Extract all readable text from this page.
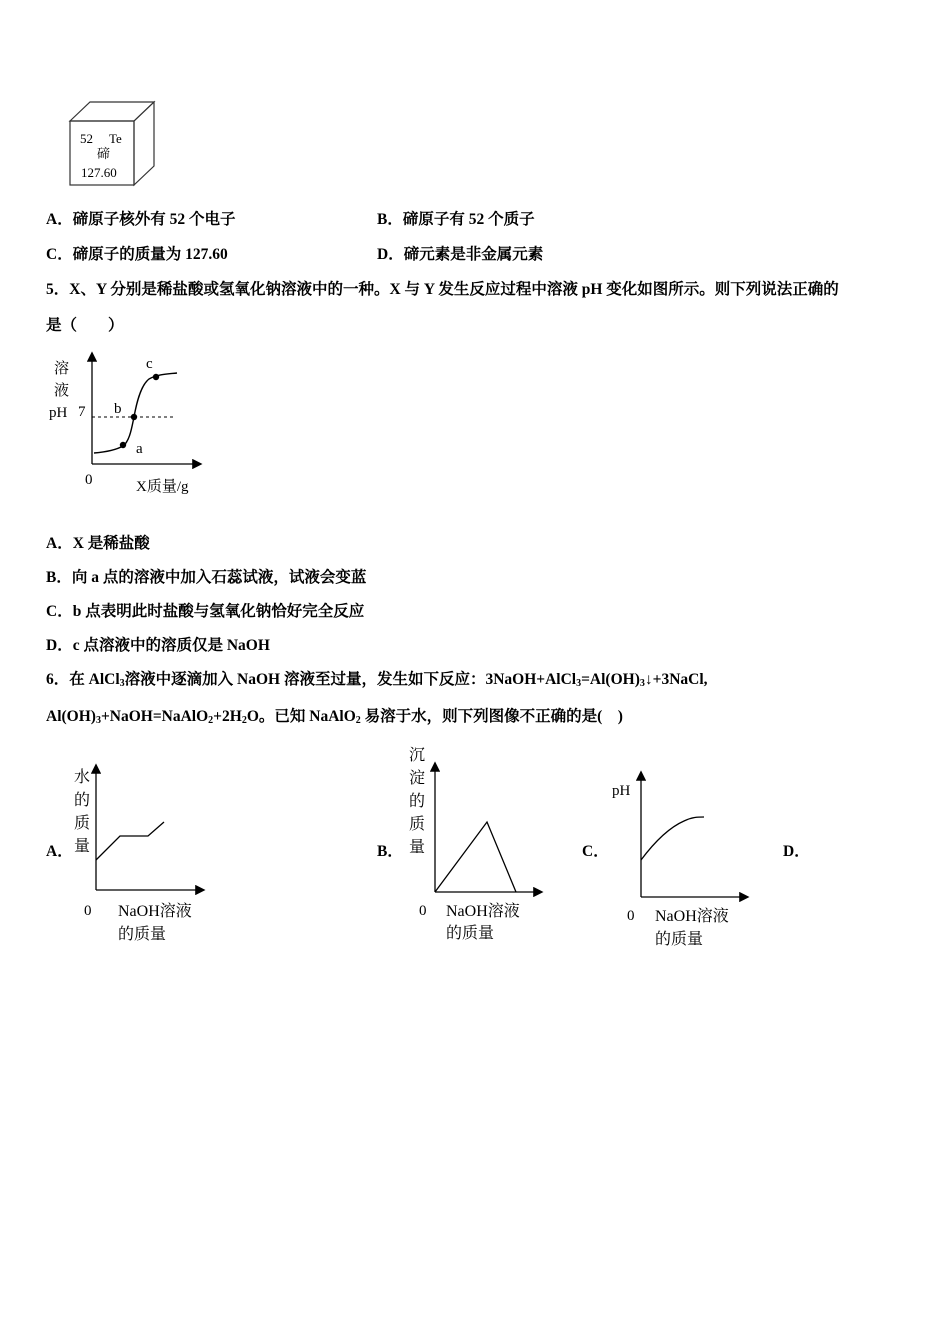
52 Te
碲
127.60
A．碲原子核外有 52 个电子	B．碲原子有 52 个质子
C．碲原子的质量为 127.60	D．碲元素是非金属元素
5．X、Y 分别是稀盐酸或氢氧化钠溶液中的一种。X 与 Y 发生反应过程中溶液 pH 变化如图所示。则下列说法正确的
是（　　）
溶
液
pH 7
0	X质量/g
a
b
c
A．X 是稀盐酸
B．向 a 点的溶液中加入石蕊试液，试液会变蓝
C．b 点表明此时盐酸与氢氧化钠恰好完全反应
D．c 点溶液中的溶质仅是 NaOH
6．在 AlCl$_3$溶液中逐滴加入 NaOH 溶液至过量，发生如下反应：$3NaOH+AlCl_3=Al(OH)_3↓+3NaCl$,
$Al(OH)_3+NaOH=NaAlO_2+2H_2O$。已知 NaAlO$_2$ 易溶于水，则下列图像不正确的是(　)
A．	B．	C．	D．
水
的
质
量
0 NaOH溶液
的质量
沉
淀
的
质
量
0 NaOH溶液
的质量
pH
0 NaOH溶液
的质量
